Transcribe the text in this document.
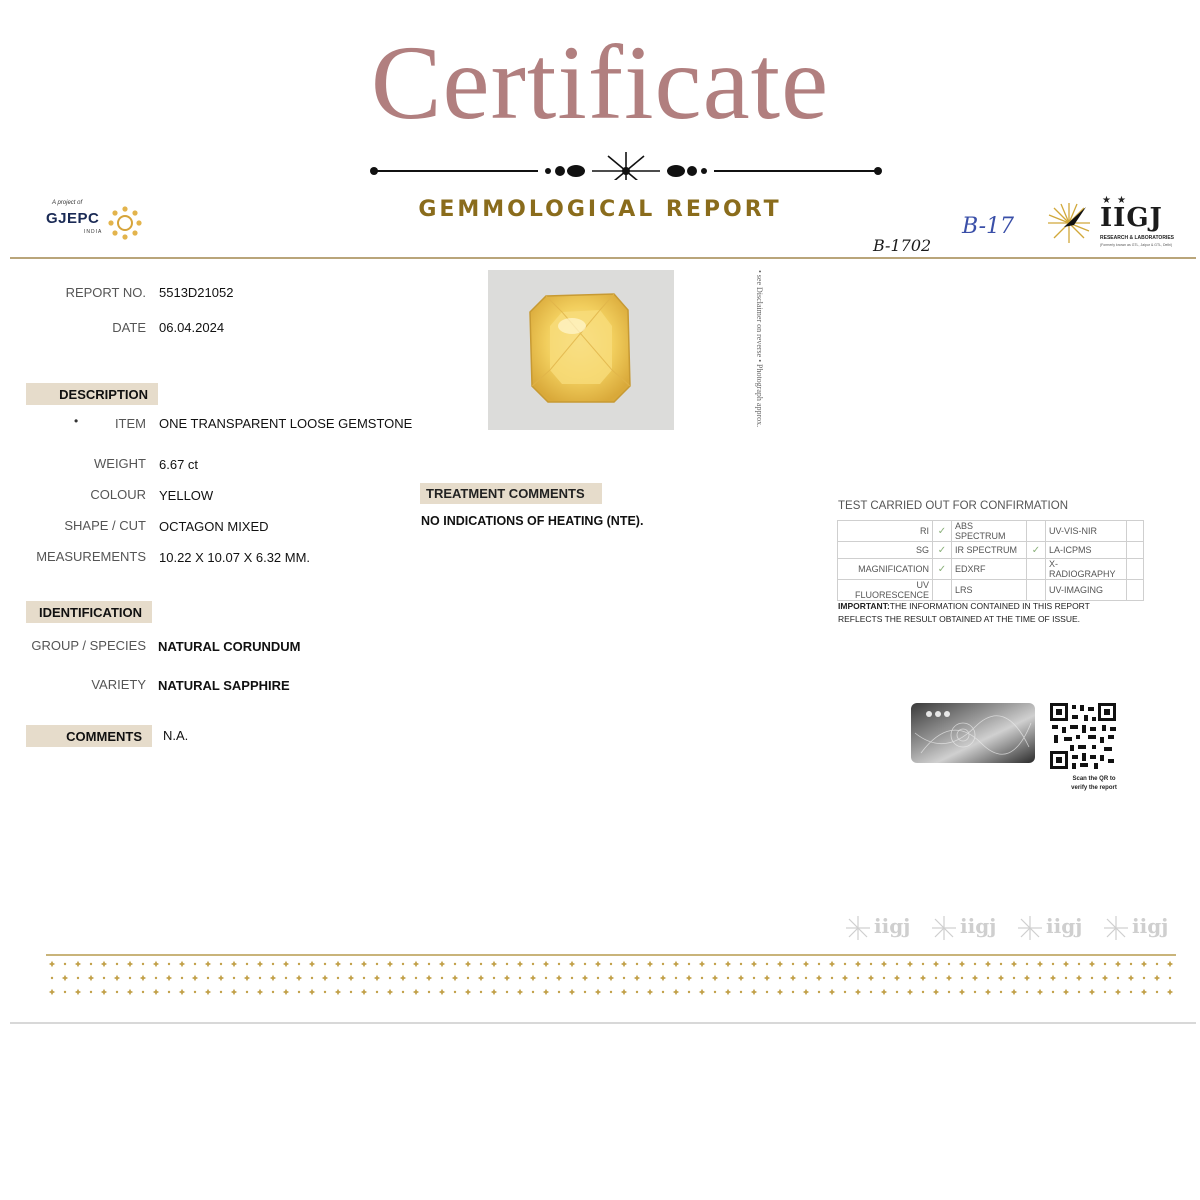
Certificate
GEMMOLOGICAL REPORT
A project of
GJEPC
INDIA
★★
IIGJ
RESEARCH & LABORATORIES
(Formerly known as GTL, Jaipur & GTL, Delhi)
B-17
B-1702
REPORT NO. 5513D21052
DATE 06.04.2024
DESCRIPTION
•	ITEM ONE TRANSPARENT LOOSE GEMSTONE
WEIGHT 6.67 ct
COLOUR YELLOW
SHAPE / CUT OCTAGON MIXED
MEASUREMENTS 10.22 X 10.07 X 6.32 MM.
IDENTIFICATION
GROUP / SPECIES NATURAL CORUNDUM
VARIETY NATURAL SAPPHIRE
COMMENTS	N.A.
• see Disclaimer on reverse • Photograph approx.
TREATMENT COMMENTS
NO INDICATIONS OF HEATING (NTE).
TEST CARRIED OUT FOR CONFIRMATION
RI	✓	ABS SPECTRUM		UV-VIS-NIR	
SG	✓	IR SPECTRUM	✓	LA-ICPMS	
MAGNIFICATION	✓	EDXRF		X-RADIOGRAPHY	
UV FLUORESCENCE		LRS		UV-IMAGING	
IMPORTANT:THE INFORMATION CONTAINED IN THIS REPORT REFLECTS THE RESULT OBTAINED AT THE TIME OF ISSUE.
Scan the QR to
verify the report
iigj iigj iigj iigj
